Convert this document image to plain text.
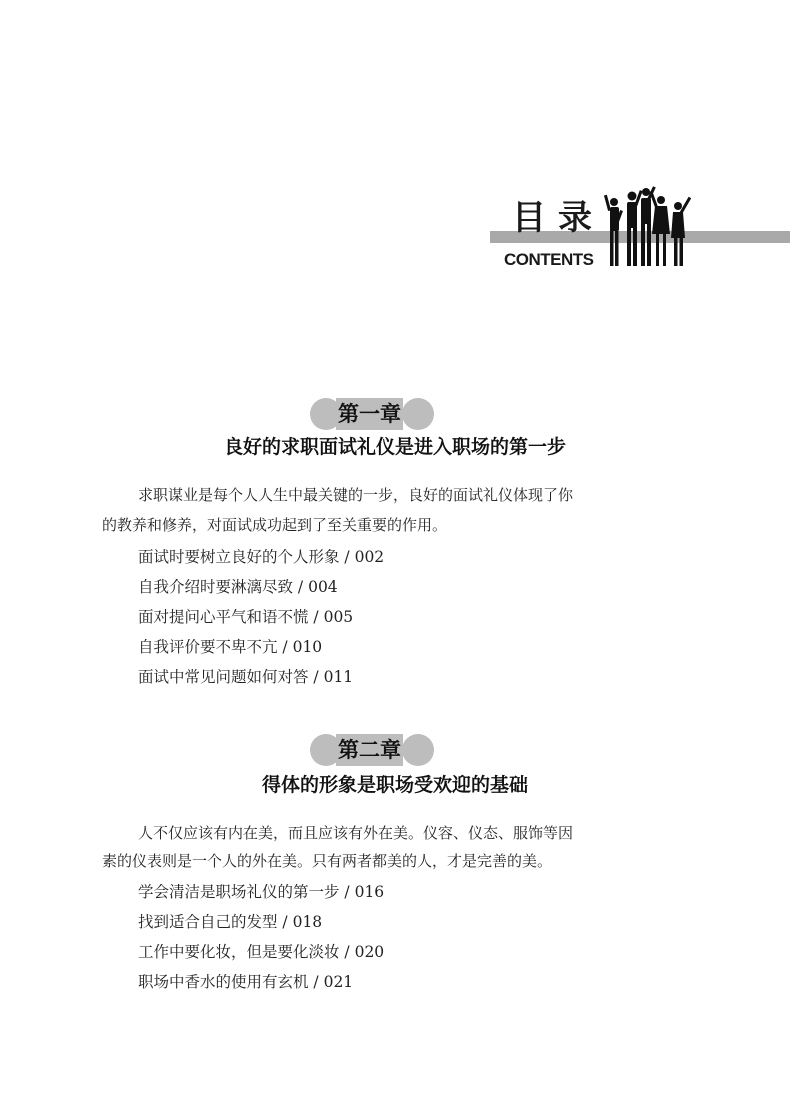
目录
CONTENTS
第一章
良好的求职面试礼仪是进入职场的第一步
求职谋业是每个人人生中最关键的一步，良好的面试礼仪体现了你
的教养和修养，对面试成功起到了至关重要的作用。
面试时要树立良好的个人形象 / 002
自我介绍时要淋漓尽致 / 004
面对提问心平气和语不慌 / 005
自我评价要不卑不亢 / 010
面试中常见问题如何对答 / 011
第二章
得体的形象是职场受欢迎的基础
人不仅应该有内在美，而且应该有外在美。仪容、仪态、服饰等因
素的仪表则是一个人的外在美。只有两者都美的人，才是完善的美。
学会清洁是职场礼仪的第一步 / 016
找到适合自己的发型 / 018
工作中要化妆，但是要化淡妆 / 020
职场中香水的使用有玄机 / 021
